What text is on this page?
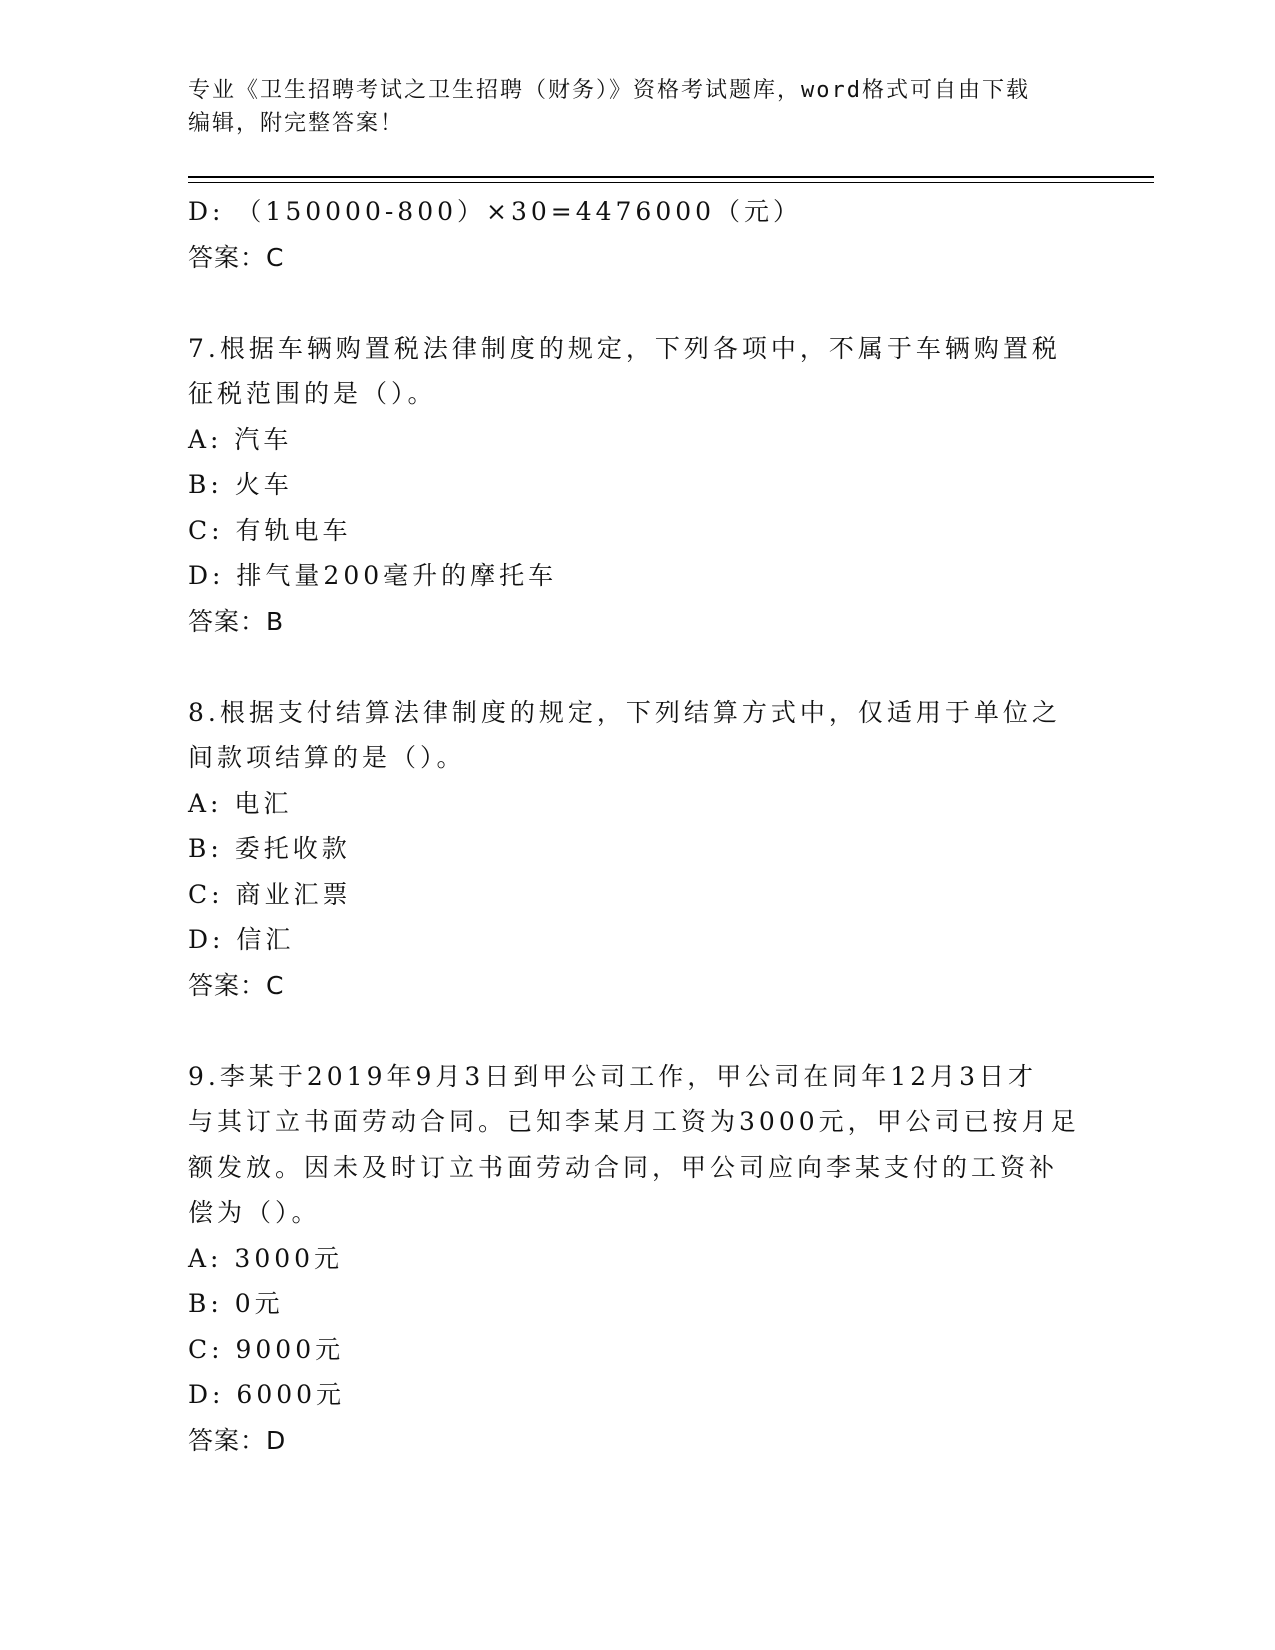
专业《卫生招聘考试之卫生招聘（财务）》资格考试题库，word格式可自由下载
编辑，附完整答案！
D: （150000-800）×30=4476000（元）
答案：C
7.根据车辆购置税法律制度的规定，下列各项中，不属于车辆购置税
征税范围的是（）。
A: 汽车
B: 火车
C: 有轨电车
D: 排气量200毫升的摩托车
答案：B
8.根据支付结算法律制度的规定，下列结算方式中，仅适用于单位之
间款项结算的是（）。
A: 电汇
B: 委托收款
C: 商业汇票
D: 信汇
答案：C
9.李某于2019年9月3日到甲公司工作，甲公司在同年12月3日才
与其订立书面劳动合同。已知李某月工资为3000元，甲公司已按月足
额发放。因未及时订立书面劳动合同，甲公司应向李某支付的工资补
偿为（）。
A: 3000元
B: 0元
C: 9000元
D: 6000元
答案：D
